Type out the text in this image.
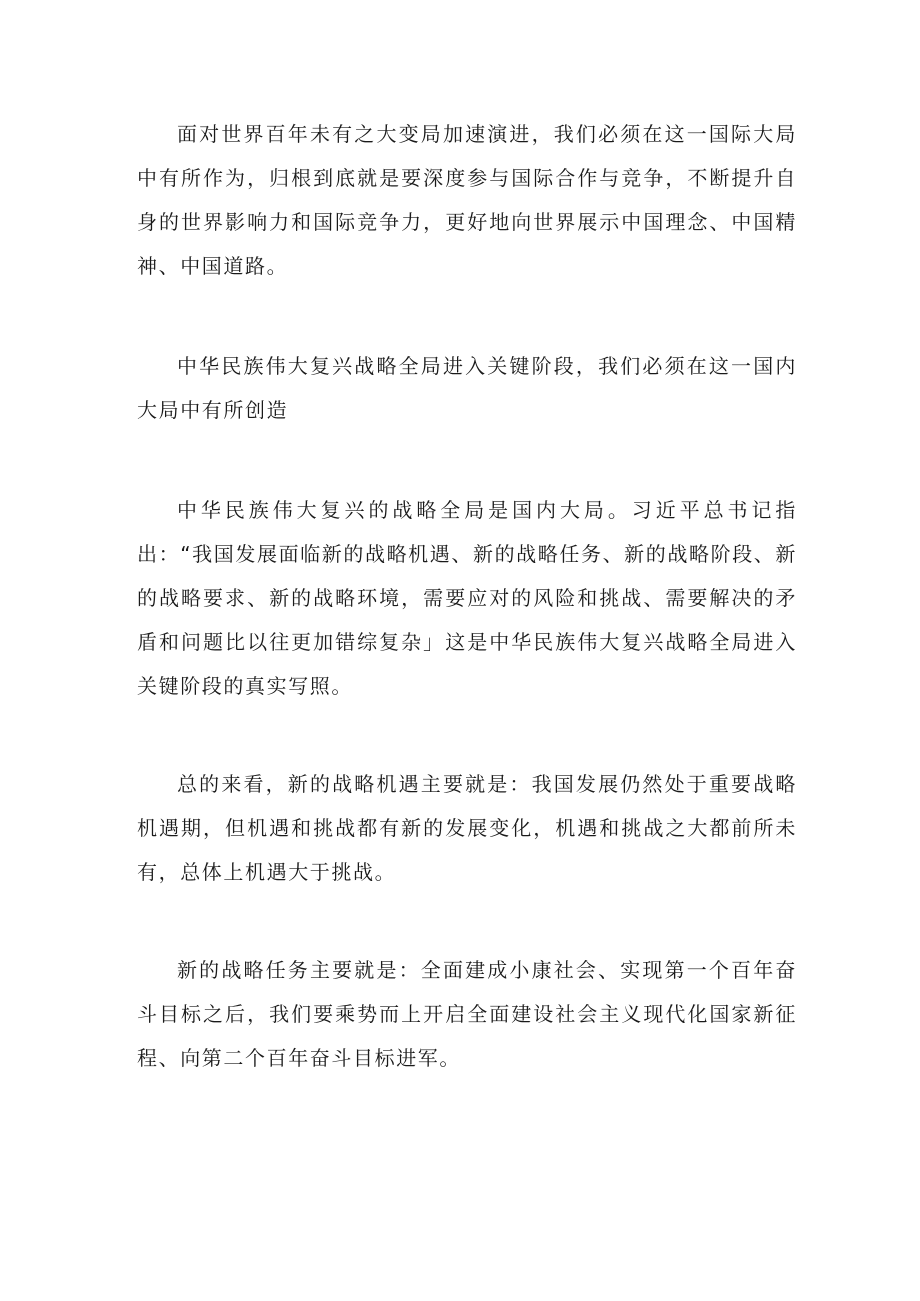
面对世界百年未有之大变局加速演进，我们必须在这一国际大局中有所作为，归根到底就是要深度参与国际合作与竞争，不断提升自身的世界影响力和国际竞争力，更好地向世界展示中国理念、中国精神、中国道路。

中华民族伟大复兴战略全局进入关键阶段，我们必须在这一国内大局中有所创造

中华民族伟大复兴的战略全局是国内大局。习近平总书记指出：“我国发展面临新的战略机遇、新的战略任务、新的战略阶段、新的战略要求、新的战略环境，需要应对的风险和挑战、需要解决的矛盾和问题比以往更加错综复杂」这是中华民族伟大复兴战略全局进入关键阶段的真实写照。

总的来看，新的战略机遇主要就是：我国发展仍然处于重要战略机遇期，但机遇和挑战都有新的发展变化，机遇和挑战之大都前所未有，总体上机遇大于挑战。

新的战略任务主要就是：全面建成小康社会、实现第一个百年奋斗目标之后，我们要乘势而上开启全面建设社会主义现代化国家新征程、向第二个百年奋斗目标进军。
